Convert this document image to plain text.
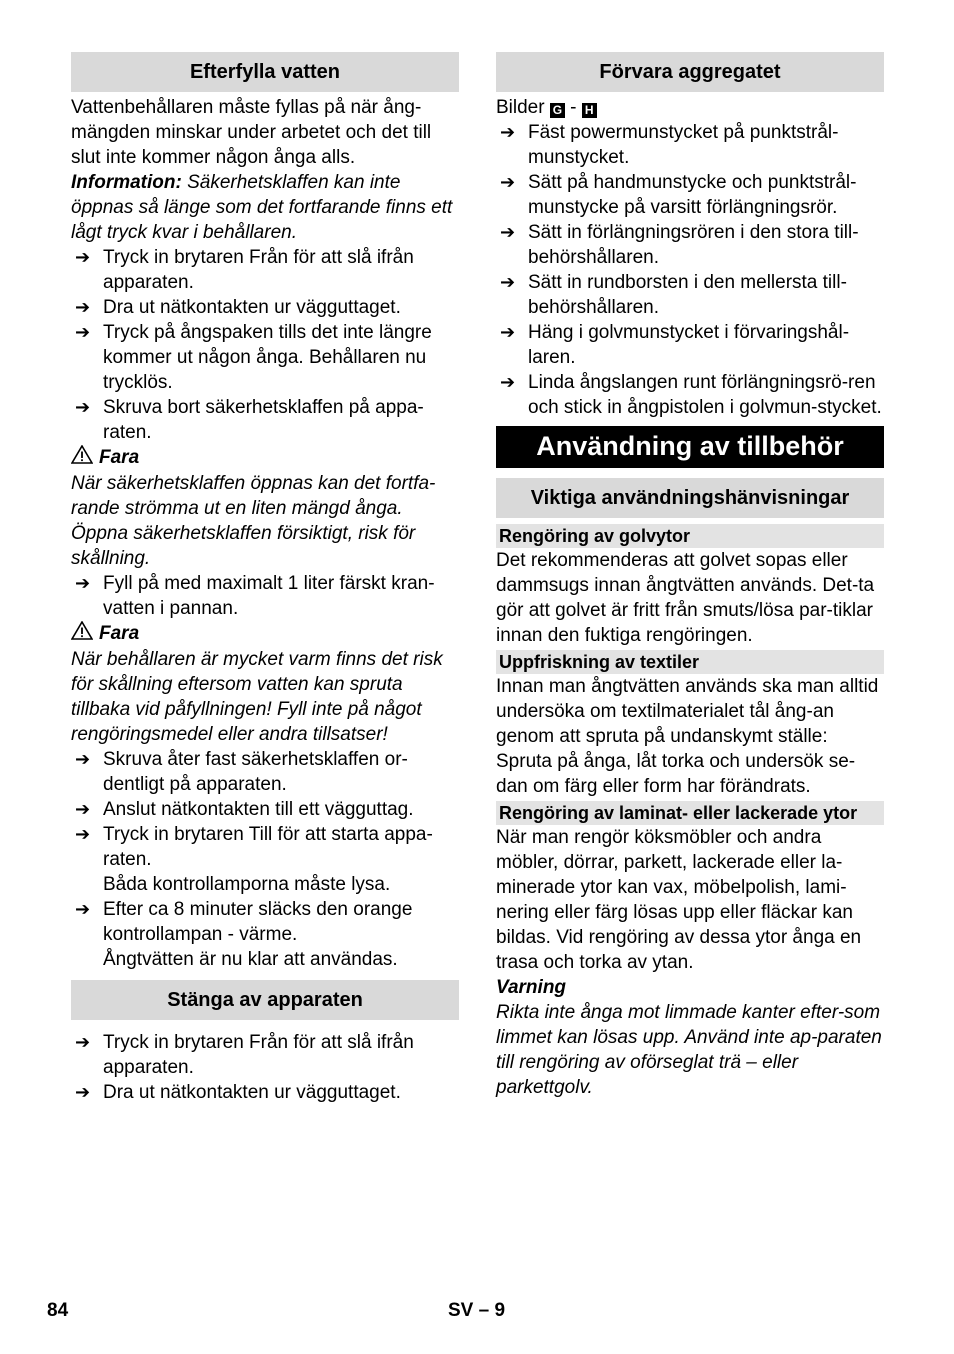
Efterfylla vatten

Vattenbehållaren måste fyllas på när ång-mängden minskar under arbetet och det till slut inte kommer någon ånga alls.

Information: Säkerhetsklaffen kan inte öppnas så länge som det fortfarande finns ett lågt tryck kvar i behållaren.

➔ Tryck in brytaren Från för att slå ifrån apparaten.
➔ Dra ut nätkontakten ur vägguttaget.
➔ Tryck på ångspaken tills det inte längre kommer ut någon ånga. Behållaren nu trycklös.
➔ Skruva bort säkerhetsklaffen på appa-raten.

Fara

När säkerhetsklaffen öppnas kan det fortfa-rande strömma ut en liten mängd ånga. Öppna säkerhetsklaffen försiktigt, risk för skållning.

➔ Fyll på med maximalt 1 liter färskt kran-vatten i pannan.

Fara

När behållaren är mycket varm finns det risk för skållning eftersom vatten kan spruta tillbaka vid påfyllningen! Fyll inte på något rengöringsmedel eller andra tillsatser!

➔ Skruva åter fast säkerhetsklaffen or-dentligt på apparaten.
➔ Anslut nätkontakten till ett vägguttag.
➔ Tryck in brytaren Till för att starta appa-raten.

Båda kontrollamporna måste lysa.

➔ Efter ca 8 minuter släcks den orange kontrollampan - värme.

Ångtvätten är nu klar att användas.

Stänga av apparaten
➔ Tryck in brytaren Från för att slå ifrån apparaten.
➔ Dra ut nätkontakten ur vägguttaget.
Förvara aggregatet

Bilder G - H

➔ Fäst powermunstycket på punktstrål-munstycket.
➔ Sätt på handmunstycke och punktstrål-munstycke på varsitt förlängningsrör.
➔ Sätt in förlängningsrören i den stora till-behörshållaren.
➔ Sätt in rundborsten i den mellersta till-behörshållaren.
➔ Häng i golvmunstycket i förvaringshål-laren.
➔ Linda ångslangen runt förlängningsrö-ren och stick in ångpistolen i golvmun-stycket.
Användning av tillbehör
Viktiga användningshänvisningar
Rengöring av golvytor

Det rekommenderas att golvet sopas eller dammsugs innan ångtvätten används. Det-ta gör att golvet är fritt från smuts/lösa par-tiklar innan den fuktiga rengöringen.

Uppfriskning av textiler

Innan man ångtvätten används ska man alltid undersöka om textilmaterialet tål ång-an genom att spruta på undanskymt ställe: Spruta på ånga, låt torka och undersök se-dan om färg eller form har förändrats.

Rengöring av laminat- eller lackerade ytor

När man rengör köksmöbler och andra möbler, dörrar, parkett, lackerade eller la-minerade ytor kan vax, möbelpolish, lami-nering eller färg lösas upp eller fläckar kan bildas. Vid rengöring av dessa ytor ånga en trasa och torka av ytan.

Varning

Rikta inte ånga mot limmade kanter efter-som limmet kan lösas upp. Använd inte ap-paraten till rengöring av oförseglat trä – eller parkettgolv.

84	SV – 9
